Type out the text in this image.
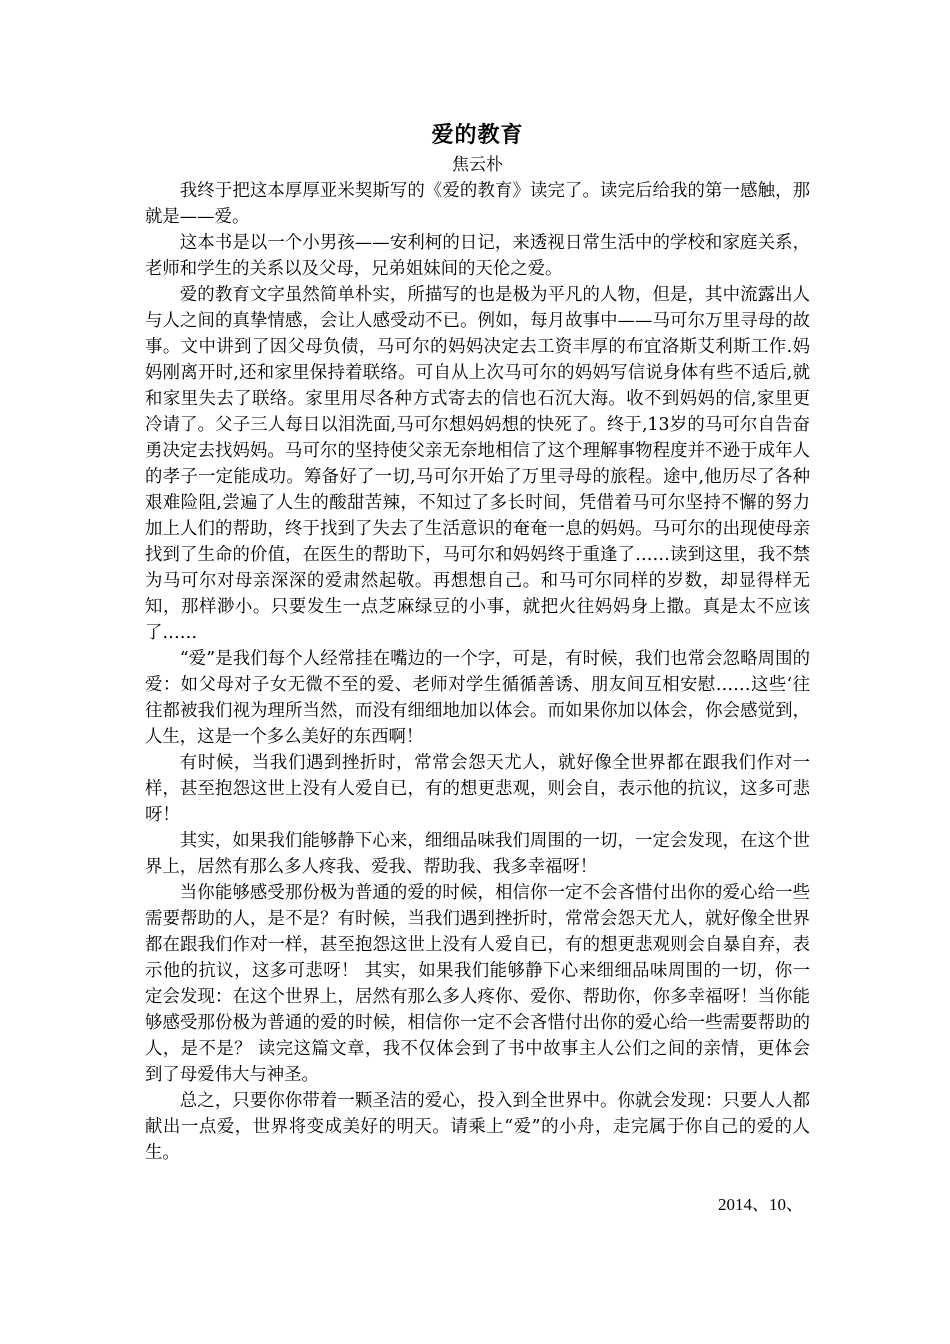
爱的教育
焦云朴

我终于把这本厚厚亚米契斯写的《爱的教育》读完了。读完后给我的第一感触，那就是——爱。

这本书是以一个小男孩——安利柯的日记，来透视日常生活中的学校和家庭关系，老师和学生的关系以及父母，兄弟姐妹间的天伦之爱。

爱的教育文字虽然简单朴实，所描写的也是极为平凡的人物，但是，其中流露出人与人之间的真挚情感，会让人感受动不已。例如，每月故事中——马可尔万里寻母的故事。文中讲到了因父母负债，马可尔的妈妈决定去工资丰厚的布宜洛斯艾利斯工作.妈妈刚离开时,还和家里保持着联络。可自从上次马可尔的妈妈写信说身体有些不适后,就和家里失去了联络。家里用尽各种方式寄去的信也石沉大海。收不到妈妈的信,家里更冷请了。父子三人每日以泪洗面,马可尔想妈妈想的快死了。终于,13岁的马可尔自告奋勇决定去找妈妈。马可尔的坚持使父亲无奈地相信了这个理解事物程度并不逊于成年人的孝子一定能成功。筹备好了一切,马可尔开始了万里寻母的旅程。途中,他历尽了各种艰难险阻,尝遍了人生的酸甜苦辣，不知过了多长时间，凭借着马可尔坚持不懈的努力加上人们的帮助，终于找到了失去了生活意识的奄奄一息的妈妈。马可尔的出现使母亲找到了生命的价值，在医生的帮助下，马可尔和妈妈终于重逢了……读到这里，我不禁为马可尔对母亲深深的爱肃然起敬。再想想自己。和马可尔同样的岁数，却显得样无知，那样渺小。只要发生一点芝麻绿豆的小事，就把火往妈妈身上撒。真是太不应该了……

“爱”是我们每个人经常挂在嘴边的一个字，可是，有时候，我们也常会忽略周围的爱：如父母对子女无微不至的爱、老师对学生循循善诱、朋友间互相安慰……这些‘往往都被我们视为理所当然，而没有细细地加以体会。而如果你加以体会，你会感觉到，人生，这是一个多么美好的东西啊！

有时候，当我们遇到挫折时，常常会怨天尤人，就好像全世界都在跟我们作对一样，甚至抱怨这世上没有人爱自已，有的想更悲观，则会自，表示他的抗议，这多可悲呀！

其实，如果我们能够静下心来，细细品味我们周围的一切，一定会发现，在这个世界上，居然有那么多人疼我、爱我、帮助我、我多幸福呀！

当你能够感受那份极为普通的爱的时候，相信你一定不会吝惜付出你的爱心给一些需要帮助的人，是不是？有时候，当我们遇到挫折时，常常会怨天尤人，就好像全世界都在跟我们作对一样，甚至抱怨这世上没有人爱自已，有的想更悲观则会自暴自弃，表示他的抗议，这多可悲呀！ 其实，如果我们能够静下心来细细品味周围的一切，你一定会发现：在这个世界上，居然有那么多人疼你、爱你、帮助你，你多幸福呀！当你能够感受那份极为普通的爱的时候，相信你一定不会吝惜付出你的爱心给一些需要帮助的人，是不是？ 读完这篇文章，我不仅体会到了书中故事主人公们之间的亲情，更体会到了母爱伟大与神圣。

总之，只要你你带着一颗圣洁的爱心，投入到全世界中。你就会发现：只要人人都献出一点爱，世界将变成美好的明天。请乘上“爱”的小舟，走完属于你自己的爱的人生。

2014、10、
